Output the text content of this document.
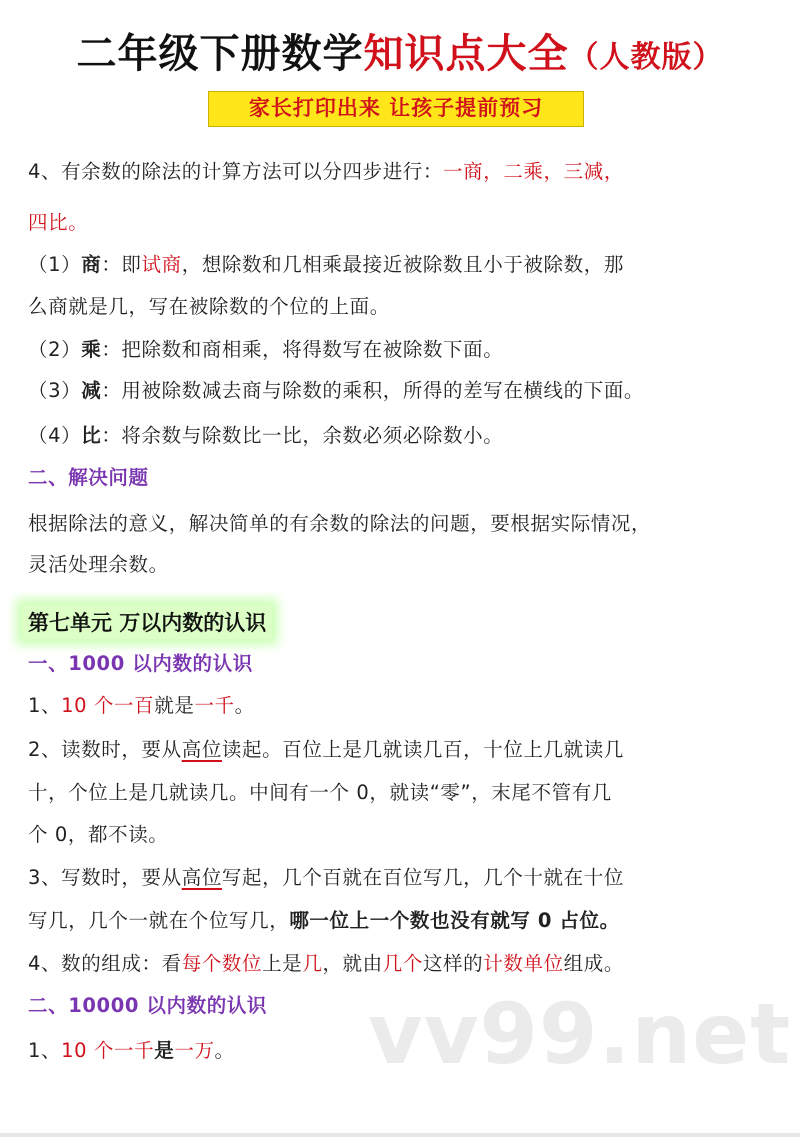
二年级下册数学知识点大全（人教版）
家长打印出来 让孩子提前预习
4、有余数的除法的计算方法可以分四步进行：一商，二乘，三减，
四比。
（1）商：即试商，想除数和几相乘最接近被除数且小于被除数，那
么商就是几，写在被除数的个位的上面。
（2）乘：把除数和商相乘，将得数写在被除数下面。
（3）减：用被除数减去商与除数的乘积，所得的差写在横线的下面。
（4）比：将余数与除数比一比，余数必须必除数小。
二、解决问题
根据除法的意义，解决简单的有余数的除法的问题，要根据实际情况，
灵活处理余数。
第七单元 万以内数的认识
一、1000 以内数的认识
1、10 个一百就是一千。
2、读数时，要从高位读起。百位上是几就读几百，十位上几就读几
十，个位上是几就读几。中间有一个 0，就读“零”，末尾不管有几
个 0，都不读。
3、写数时，要从高位写起，几个百就在百位写几，几个十就在十位
写几，几个一就在个位写几，哪一位上一个数也没有就写 0 占位。
4、数的组成：看每个数位上是几，就由几个这样的计数单位组成。
二、10000 以内数的认识
1、10 个一千是一万。 vv99.net
